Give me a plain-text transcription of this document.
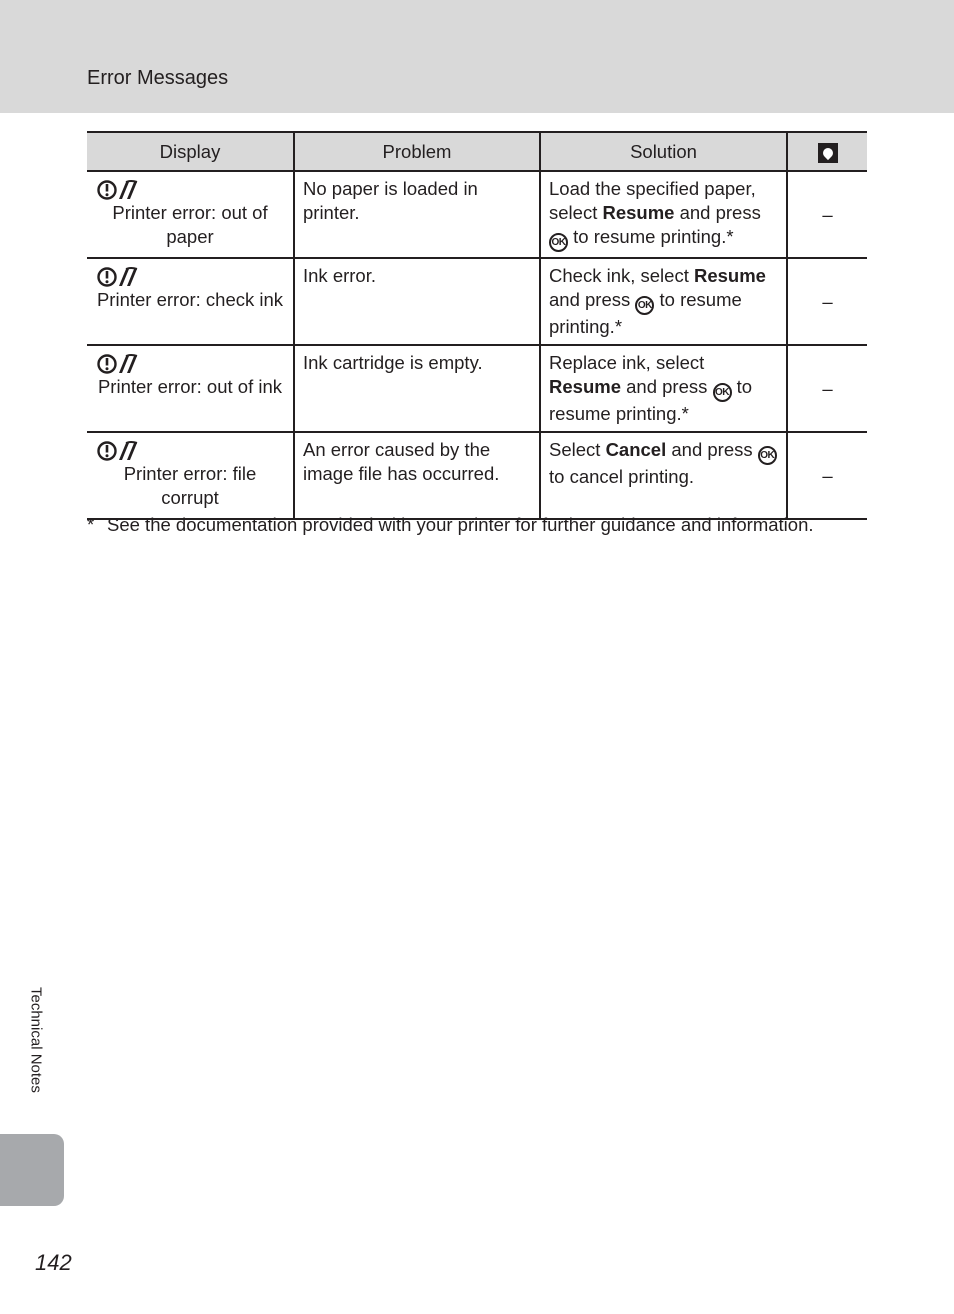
Error Messages
Display	Problem	Solution	

Printer error: out of paper	No paper is loaded in printer.	Load the specified paper, select Resume and press OK to resume printing.*	–

Printer error: check ink	Ink error.	Check ink, select Resume and press OK to resume printing.*	–

Printer error: out of ink	Ink cartridge is empty.	Replace ink, select Resume and press OK to resume printing.*	–

Printer error: file corrupt	An error caused by the image file has occurred.	Select Cancel and press OK to cancel printing.	–
* See the documentation provided with your printer for further guidance and information.
Technical Notes
142
